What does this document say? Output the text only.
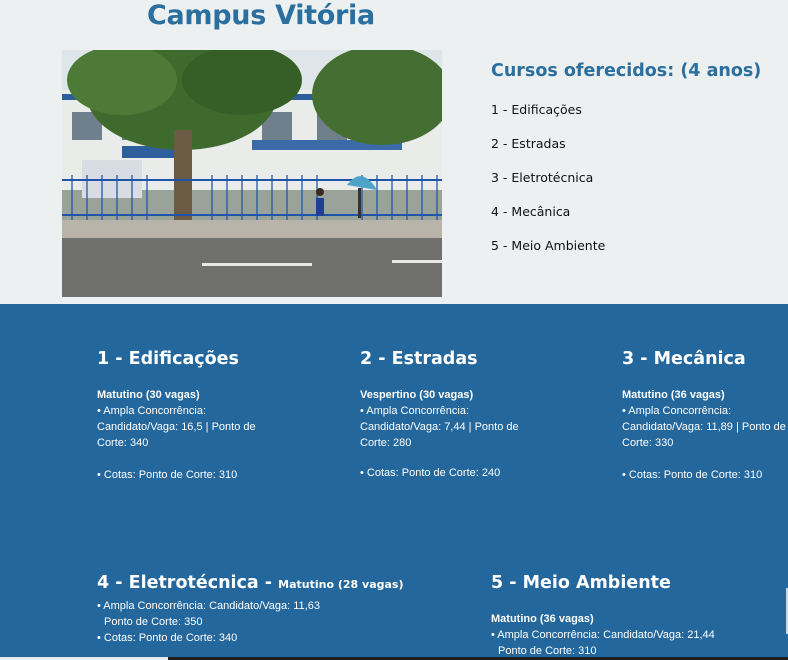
Campus Vitória
Cursos oferecidos: (4 anos)
1 - Edificações
2 - Estradas
3 - Eletrotécnica
4 - Mecânica
5 - Meio Ambiente
1 - Edificações
Matutino (30 vagas)
• Ampla Concorrência:
Candidato/Vaga: 16,5 | Ponto de
Corte: 340
• Cotas: Ponto de Corte: 310
2 - Estradas
Vespertino (30 vagas)
• Ampla Concorrência:
Candidato/Vaga: 7,44 | Ponto de
Corte: 280
• Cotas: Ponto de Corte: 240
3 - Mecânica
Matutino (36 vagas)
• Ampla Concorrência:
Candidato/Vaga: 11,89 | Ponto de
Corte: 330
• Cotas: Ponto de Corte: 310
4 - Eletrotécnica - Matutino (28 vagas)
• Ampla Concorrência: Candidato/Vaga: 11,63
Ponto de Corte: 350
• Cotas: Ponto de Corte: 340
5 - Meio Ambiente
Matutino (36 vagas)
• Ampla Concorrência: Candidato/Vaga: 21,44
Ponto de Corte: 310
